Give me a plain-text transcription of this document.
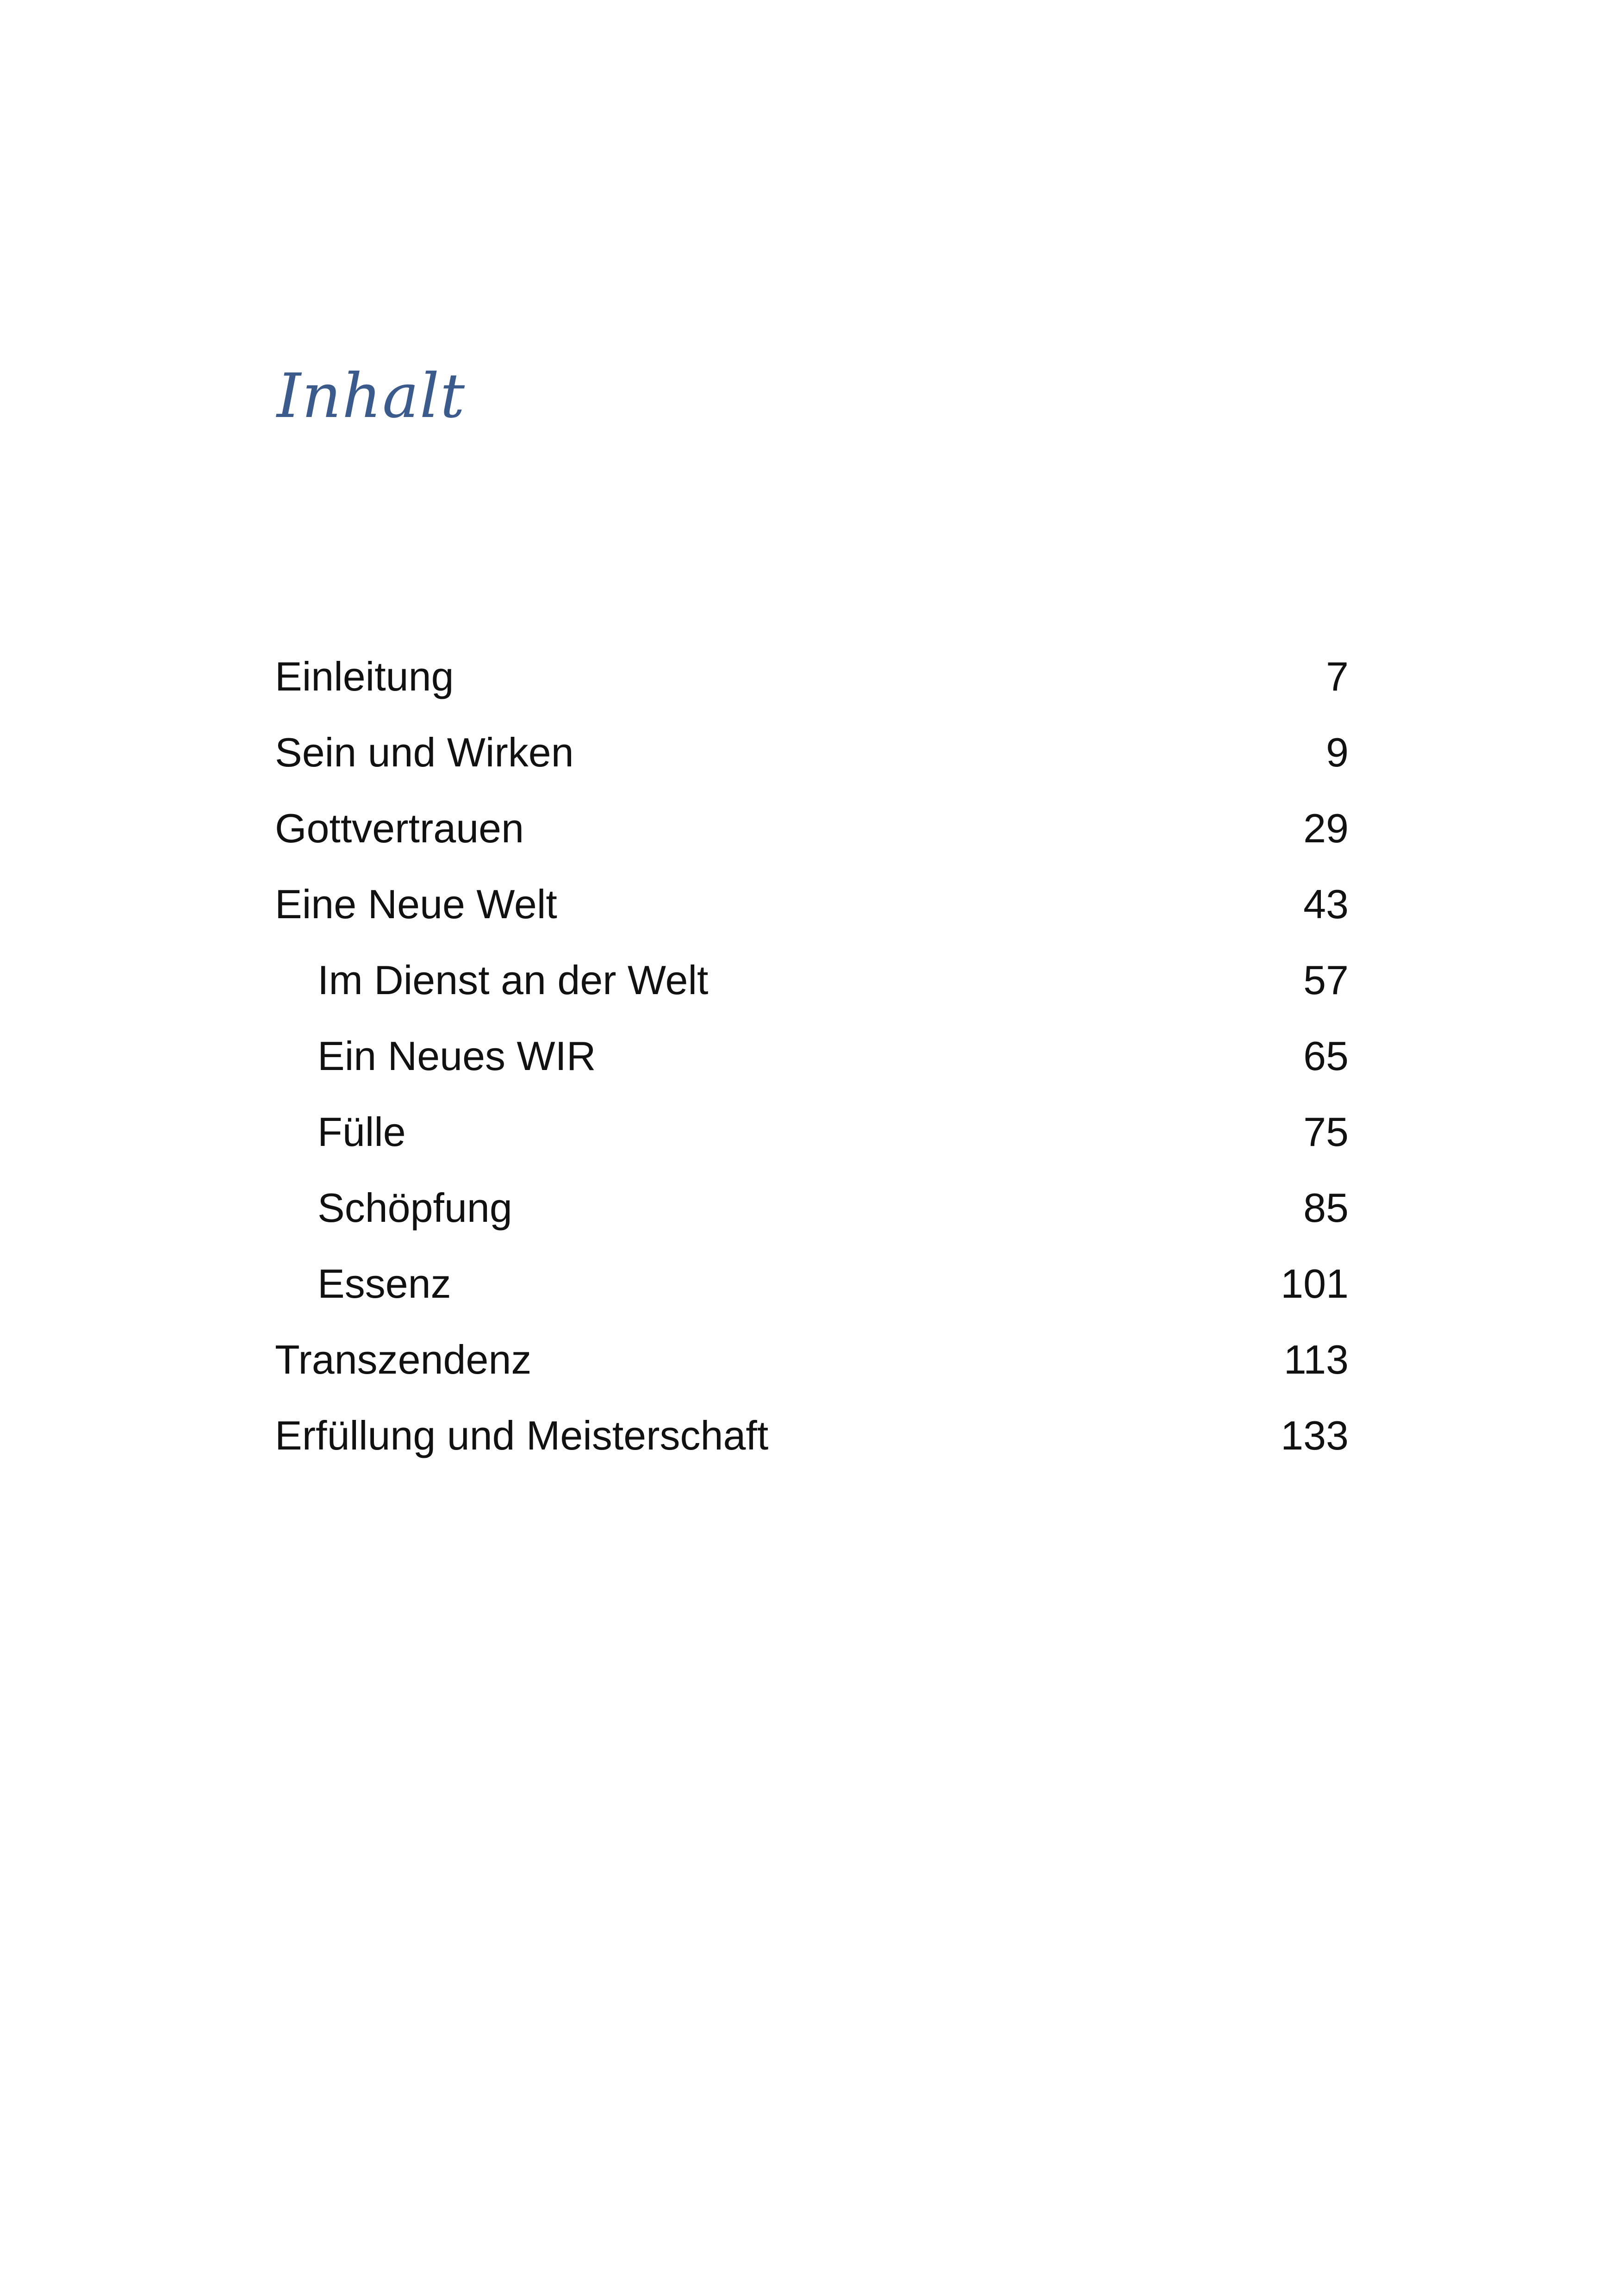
Inhalt
Einleitung	7
Sein und Wirken	9
Gottvertrauen	29
Eine Neue Welt	43
Im Dienst an der Welt	57
Ein Neues WIR	65
Fülle	75
Schöpfung	85
Essenz	101
Transzendenz	113
Erfüllung und Meisterschaft	133
